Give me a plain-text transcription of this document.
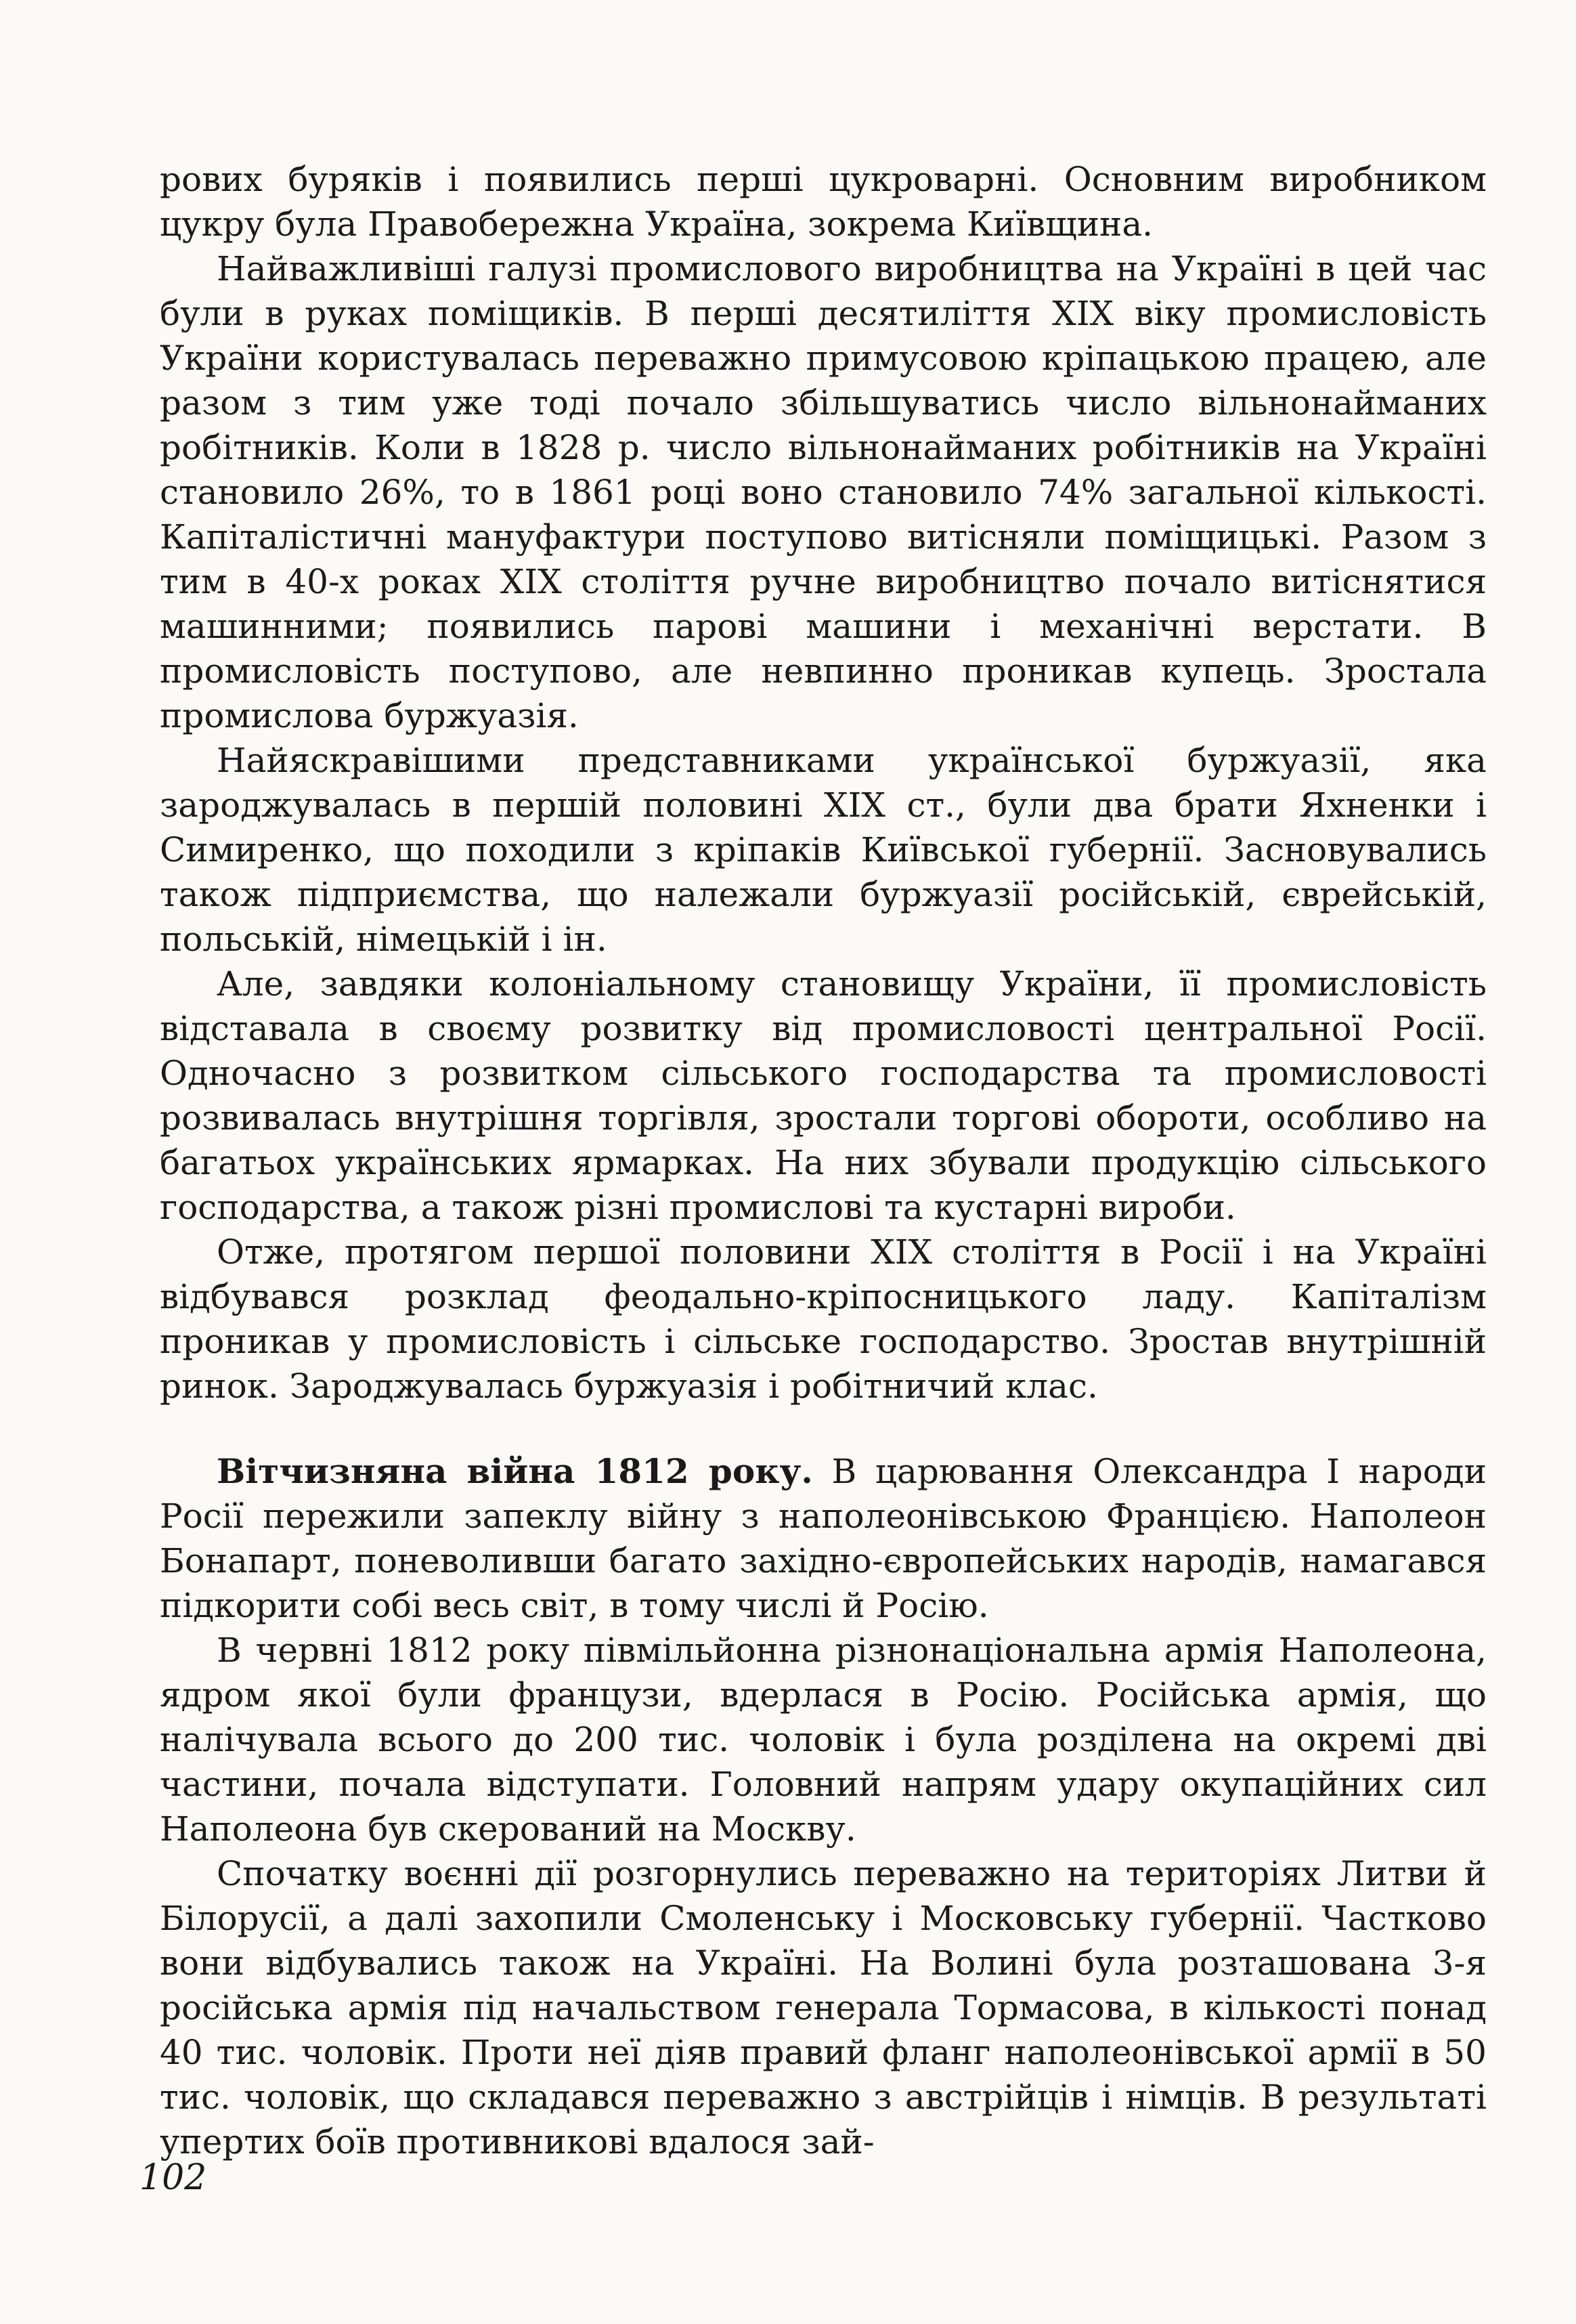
рових буряків і появились перші цукроварні. Основним виробником цукру була Правобережна Україна, зокрема Київщина.

Найважливіші галузі промислового виробництва на Україні в цей час були в руках поміщиків. В перші десятиліття XIX віку промисловість України користувалась переважно примусовою кріпацькою працею, але разом з тим уже тоді почало збільшуватись число вільнонайманих робітників. Коли в 1828 р. число вільнонайманих робітників на Україні становило 26%, то в 1861 році воно становило 74% загальної кількості. Капіталістичні мануфактури поступово витісняли поміщицькі. Разом з тим в 40-х роках XIX століття ручне виробництво почало витіснятися машинними; появились парові машини і механічні верстати. В промисловість поступово, але невпинно проникав купець. Зростала промислова буржуазія.

Найяскравішими представниками української буржуазії, яка зароджувалась в першій половині XIX ст., були два брати Яхненки і Симиренко, що походили з кріпаків Київської губернії. Засновувались також підприємства, що належали буржуазії російській, єврейській, польській, німецькій і ін.

Але, завдяки колоніальному становищу України, її промисловість відставала в своєму розвитку від промисловості центральної Росії. Одночасно з розвитком сільського господарства та промисловості розвивалась внутрішня торгівля, зростали торгові обороти, особливо на багатьох українських ярмарках. На них збували продукцію сільського господарства, а також різні промислові та кустарні вироби.

Отже, протягом першої половини XIX століття в Росії і на Україні відбувався розклад феодально-кріпосницького ладу. Капіталізм проникав у промисловість і сільське господарство. Зростав внутрішній ринок. Зароджувалась буржуазія і робітничий клас.

Вітчизняна війна 1812 року. В царювання Олександра І народи Росії пережили запеклу війну з наполеонівською Францією. Наполеон Бонапарт, поневоливши багато західно-європейських народів, намагався підкорити собі весь світ, в тому числі й Росію.

В червні 1812 року півмільйонна різнонаціональна армія Наполеона, ядром якої були французи, вдерлася в Росію. Російська армія, що налічувала всього до 200 тис. чоловік і була розділена на окремі дві частини, почала відступати. Головний напрям удару окупаційних сил Наполеона був скерований на Москву.

Спочатку воєнні дії розгорнулись переважно на територіях Литви й Білорусії, а далі захопили Смоленську і Московську губернії. Частково вони відбувались також на Україні. На Волині була розташована 3-я російська армія під начальством генерала Тормасова, в кількості понад 40 тис. чоловік. Проти неї діяв правий фланг наполеонівської армії в 50 тис. чоловік, що складався переважно з австрійців і німців. В результаті упертих боїв противникові вдалося зай-

102
